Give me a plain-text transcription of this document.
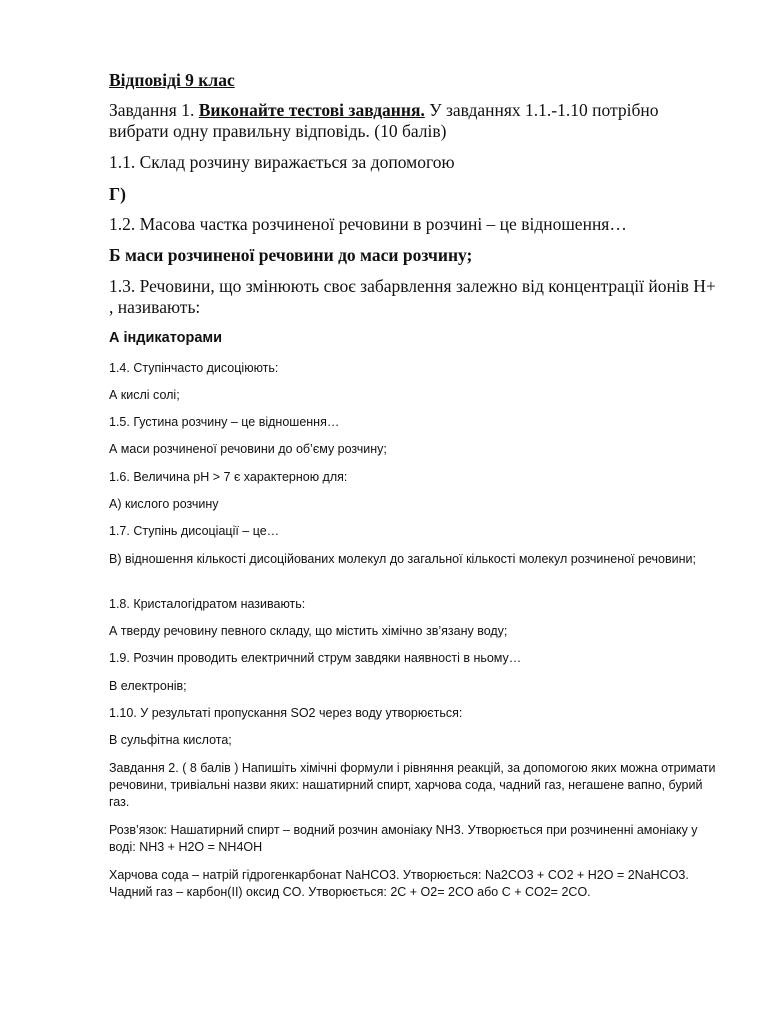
Відповіді 9 клас

Завдання 1. Виконайте тестові завдання. У завданнях 1.1.-1.10 потрібно вибрати одну правильну відповідь. (10 балів)

1.1. Склад розчину виражається за допомогою

Г)

1.2. Масова частка розчиненої речовини в розчині – це відношення…

Б маси розчиненої речовини до маси розчину;

1.3. Речовини, що змінюють своє забарвлення залежно від концентрації йонів Н+ , називають:

А індикаторами

1.4. Ступінчасто дисоціюють:

А кислі солі;

1.5. Густина розчину – це відношення…

А маси розчиненої речовини до об’єму розчину;

1.6. Величина рН > 7 є характерною для:

А) кислого розчину

1.7. Ступінь дисоціації – це…

В) відношення кількості дисоційованих молекул до загальної кількості молекул розчиненої речовини;

1.8. Кристалогідратом називають:

А тверду речовину певного складу, що містить хімічно зв’язану воду;

1.9. Розчин проводить електричний струм завдяки наявності в ньому…

В електронів;

1.10. У результаті пропускання SO2 через воду утворюється:

В сульфітна кислота;

Завдання 2. ( 8 балів ) Напишіть хімічні формули і рівняння реакцій, за допомогою яких можна отримати речовини, тривіальні назви яких: нашатирний спирт, харчова сода, чадний газ, негашене вапно, бурий газ.

Розв’язок: Нашатирний спирт – водний розчин амоніаку NH3. Утворюється при розчиненні амоніаку у воді: NH3 + H2O = NH4OH

Харчова сода – натрій гідрогенкарбонат NaHCO3. Утворюється: Na2CO3 + CO2 + H2O = 2NaHCO3.

Чадний газ – карбон(II) оксид CO. Утворюється: 2C + O2= 2CO або C + CO2= 2CO.
